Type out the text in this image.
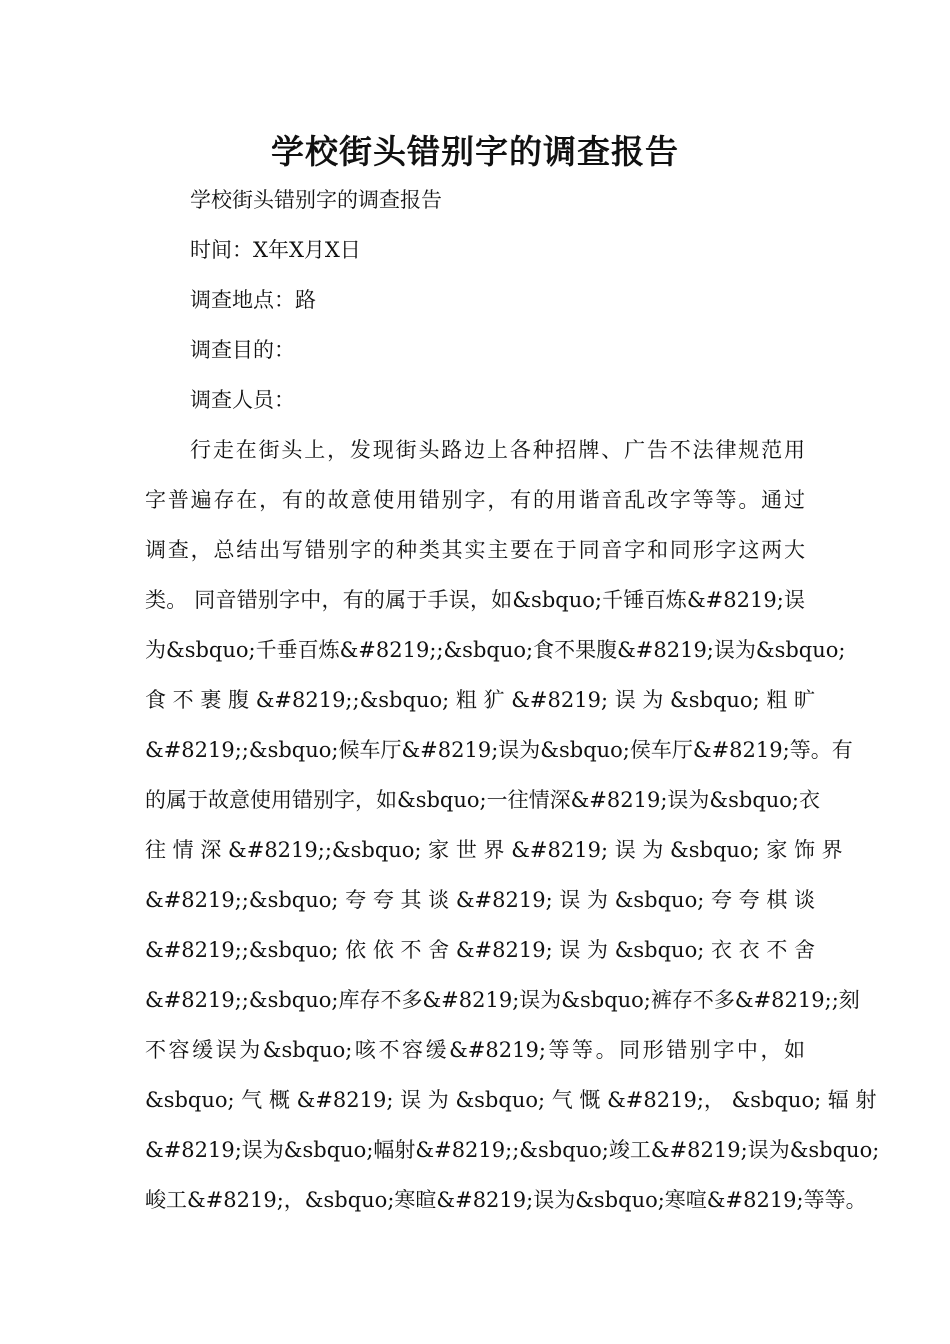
学校街头错别字的调查报告
学校街头错别字的调查报告
时间：X年X月X日
调查地点：路
调查目的：
调查人员：
行走在街头上，发现街头路边上各种招牌、广告不法律规范用
字普遍存在，有的故意使用错别字，有的用谐音乱改字等等。通过
调查，总结出写错别字的种类其实主要在于同音字和同形字这两大
类。 同音错别字中，有的属于手误，如&sbquo;千锤百炼&#8219;误
为&sbquo;千垂百炼&#8219;;&sbquo;食不果腹&#8219;误为&sbquo;
食 不 裹 腹 &#8219;;&sbquo; 粗 犷 &#8219; 误 为 &sbquo; 粗 旷
&#8219;;&sbquo;候车厅&#8219;误为&sbquo;侯车厅&#8219;等。有
的属于故意使用错别字，如&sbquo;一往情深&#8219;误为&sbquo;衣
往 情 深 &#8219;;&sbquo; 家 世 界 &#8219; 误 为 &sbquo; 家 饰 界
&#8219;;&sbquo; 夸 夸 其 谈 &#8219; 误 为 &sbquo; 夸 夸 棋 谈
&#8219;;&sbquo; 依 依 不 舍 &#8219; 误 为 &sbquo; 衣 衣 不 舍
&#8219;;&sbquo;库存不多&#8219;误为&sbquo;裤存不多&#8219;;刻
不容缓误为&sbquo;咳不容缓&#8219;等等。同形错别字中，如
&sbquo; 气 概 &#8219; 误 为 &sbquo; 气 慨 &#8219;， &sbquo; 辐 射
&#8219;误为&sbquo;幅射&#8219;;&sbquo;竣工&#8219;误为&sbquo;
峻工&#8219;，&sbquo;寒暄&#8219;误为&sbquo;寒喧&#8219;等等。
